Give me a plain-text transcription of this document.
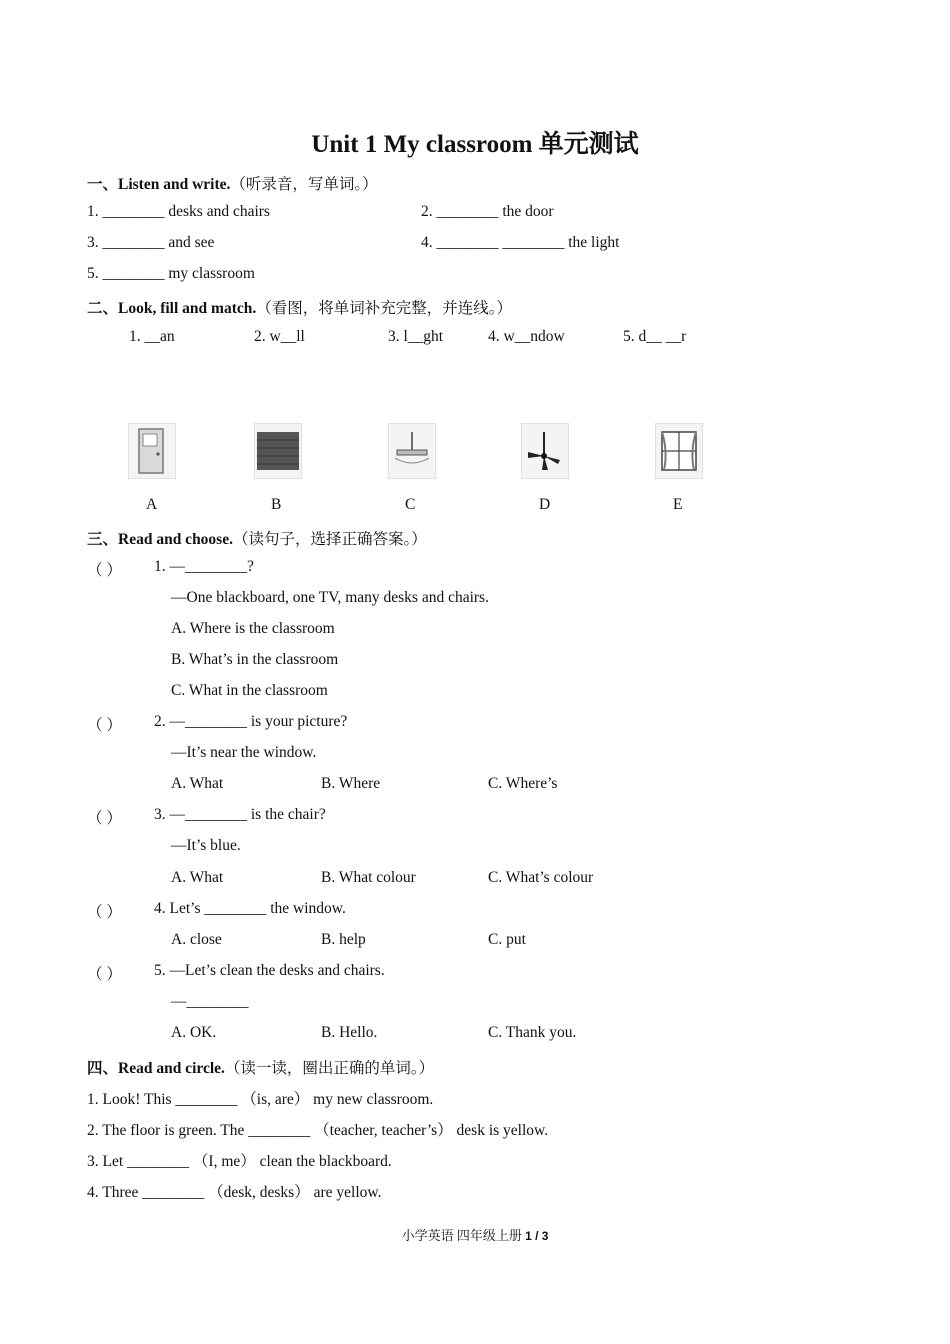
Unit 1 My classroom 单元测试
一、Listen and write.（听录音，写单词。）
1. ________ desks and chairs	2. ________ the door
3. ________ and see	4. ________ ________ the light
5. ________ my classroom
二、Look, fill and match.（看图，将单词补充完整，并连线。）
1. __an	2. w__ll	3. l__ght	4. w__ndow	5. d__ __r
A	B	C	D	E
三、Read and choose.（读句子，选择正确答案。）
（ ） 1. —________?
—One blackboard, one TV, many desks and chairs.
A. Where is the classroom
B. What’s in the classroom
C. What in the classroom
（ ） 2. —________ is your picture?
—It’s near the window.
A. What	B. Where	C. Where’s
（ ） 3. —________ is the chair?
—It’s blue.
A. What	B. What colour	C. What’s colour
（ ） 4. Let’s ________ the window.
A. close	B. help	C. put
（ ） 5. —Let’s clean the desks and chairs.
—________
A. OK.	B. Hello.	C. Thank you.
四、Read and circle.（读一读，圈出正确的单词。）
1. Look! This ________ （is, are） my new classroom.
2. The floor is green. The ________ （teacher, teacher’s） desk is yellow.
3. Let ________ （I, me） clean the blackboard.
4. Three ________ （desk, desks） are yellow.
小学英语 四年级上册 1 / 3
